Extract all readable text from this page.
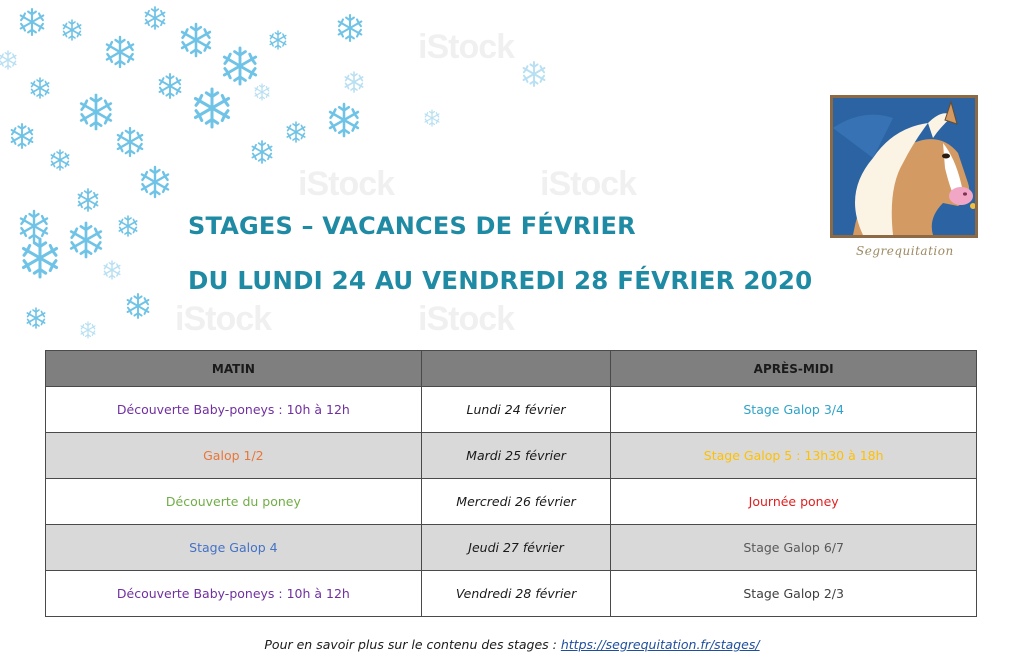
iStock
iStock	iStock
iStock	iStock
STAGES – VACANCES DE FÉVRIER
DU LUNDI 24 AU VENDREDI 28 FÉVRIER 2020
Segrequitation
MATIN		APRÈS-MIDI
Découverte Baby-poneys : 10h à 12h	Lundi 24 février	Stage Galop 3/4
Galop 1/2	Mardi 25 février	Stage Galop 5 : 13h30 à 18h
Découverte du poney	Mercredi 26 février	Journée poney
Stage Galop 4	Jeudi 27 février	Stage Galop 6/7
Découverte Baby-poneys : 10h à 12h	Vendredi 28 février	Stage Galop 2/3
Pour en savoir plus sur le contenu des stages : https://segrequitation.fr/stages/
